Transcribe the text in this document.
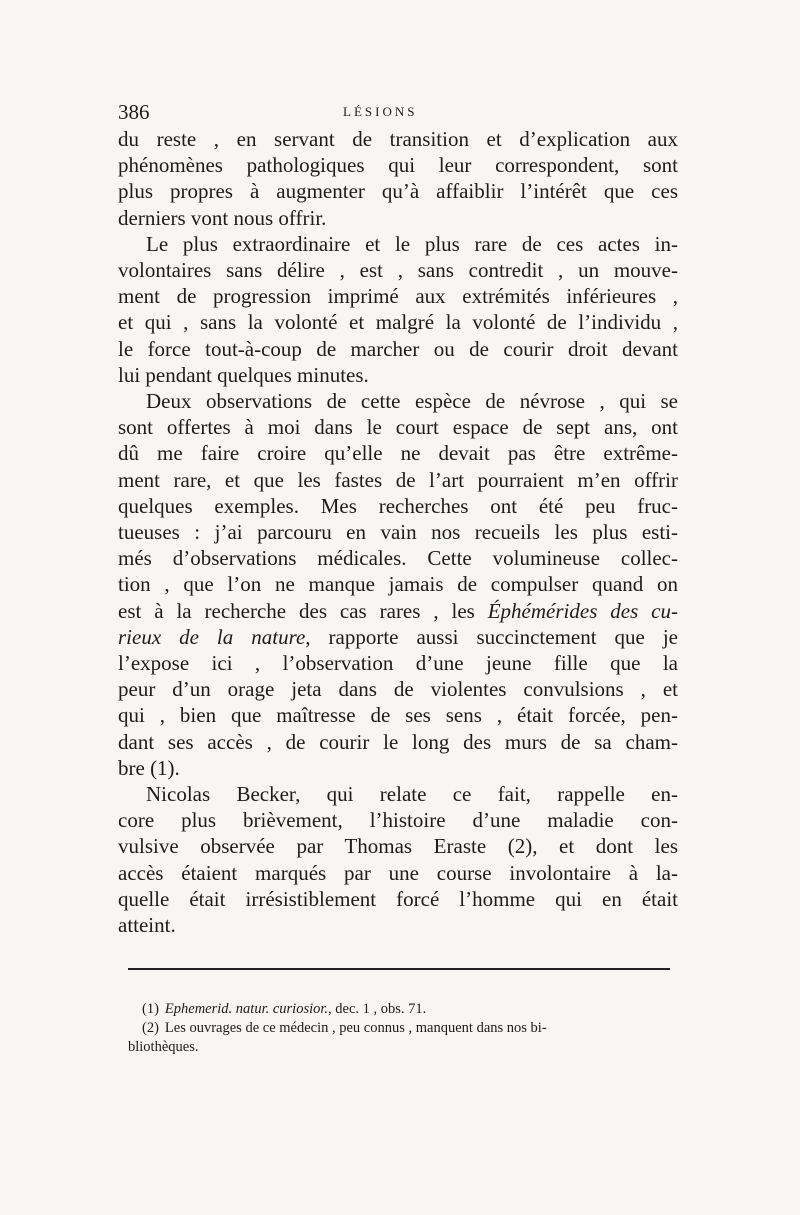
386	LÉSIONS
du reste , en servant de transition et d’explication aux
phénomènes pathologiques qui leur correspondent, sont
plus propres à augmenter qu’à affaiblir l’intérêt que ces
derniers vont nous offrir.
Le plus extraordinaire et le plus rare de ces actes in-
volontaires sans délire , est , sans contredit , un mouve-
ment de progression imprimé aux extrémités inférieures ,
et qui , sans la volonté et malgré la volonté de l’individu ,
le force tout-à-coup de marcher ou de courir droit devant
lui pendant quelques minutes.
Deux observations de cette espèce de névrose , qui se
sont offertes à moi dans le court espace de sept ans, ont
dû me faire croire qu’elle ne devait pas être extrême-
ment rare, et que les fastes de l’art pourraient m’en offrir
quelques exemples. Mes recherches ont été peu fruc-
tueuses : j’ai parcouru en vain nos recueils les plus esti-
més d’observations médicales. Cette volumineuse collec-
tion , que l’on ne manque jamais de compulser quand on
est à la recherche des cas rares , les Éphémérides des cu-
rieux de la nature, rapporte aussi succinctement que je
l’expose ici , l’observation d’une jeune fille que la
peur d’un orage jeta dans de violentes convulsions , et
qui , bien que maîtresse de ses sens , était forcée, pen-
dant ses accès , de courir le long des murs de sa cham-
bre (1).
Nicolas Becker, qui relate ce fait, rappelle en-
core plus brièvement, l’histoire d’une maladie con-
vulsive observée par Thomas Eraste (2), et dont les
accès étaient marqués par une course involontaire à la-
quelle était irrésistiblement forcé l’homme qui en était
atteint.
(1) Ephemerid. natur. curiosior., dec. 1 , obs. 71.
(2) Les ouvrages de ce médecin , peu connus , manquent dans nos bi-
bliothèques.
